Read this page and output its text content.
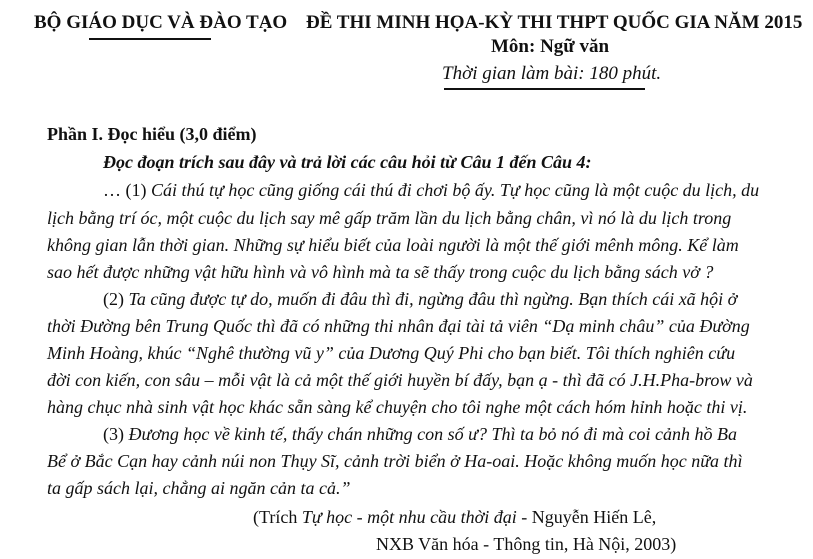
BỘ GIÁO DỤC VÀ ĐÀO TẠO ĐỀ THI MINH HỌA-KỲ THI THPT QUỐC GIA NĂM 2015
Môn: Ngữ văn
Thời gian làm bài: 180 phút.
Phần I. Đọc hiểu (3,0 điểm)
Đọc đoạn trích sau đây và trả lời các câu hỏi từ Câu 1 đến Câu 4:
… (1) Cái thú tự học cũng giống cái thú đi chơi bộ ấy. Tự học cũng là một cuộc du lịch, du
lịch bằng trí óc, một cuộc du lịch say mê gấp trăm lần du lịch bằng chân, vì nó là du lịch trong
không gian lẫn thời gian. Những sự hiểu biết của loài người là một thế giới mênh mông. Kể làm
sao hết được những vật hữu hình và vô hình mà ta sẽ thấy trong cuộc du lịch bằng sách vở ?
(2) Ta cũng được tự do, muốn đi đâu thì đi, ngừng đâu thì ngừng. Bạn thích cái xã hội ở
thời Đường bên Trung Quốc thì đã có những thi nhân đại tài tả viên “Dạ minh châu” của Đường
Minh Hoàng, khúc “Nghê thường vũ y” của Dương Quý Phi cho bạn biết. Tôi thích nghiên cứu
đời con kiến, con sâu – mỗi vật là cả một thế giới huyền bí đấy, bạn ạ - thì đã có J.H.Pha-brow và
hàng chục nhà sinh vật học khác sẵn sàng kể chuyện cho tôi nghe một cách hóm hỉnh hoặc thi vị.
(3) Đương học về kinh tế, thấy chán những con số ư? Thì ta bỏ nó đi mà coi cảnh hồ Ba
Bể ở Bắc Cạn hay cảnh núi non Thụy Sĩ, cảnh trời biển ở Ha-oai. Hoặc không muốn học nữa thì
ta gấp sách lại, chẳng ai ngăn cản ta cả.”
(Trích Tự học - một nhu cầu thời đại - Nguyễn Hiến Lê,
NXB Văn hóa - Thông tin, Hà Nội, 2003)
